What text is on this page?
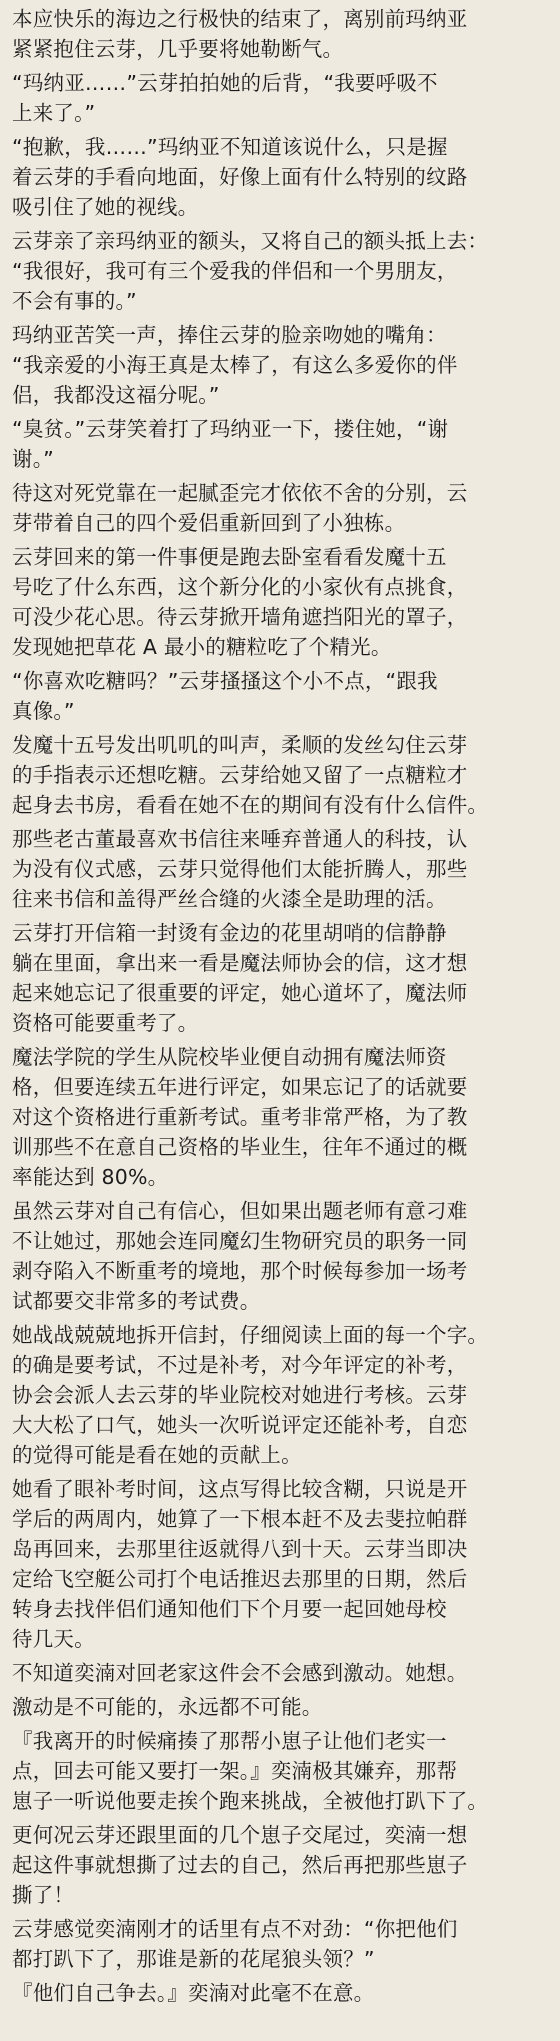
本应快乐的海边之行极快的结束了，离别前玛纳亚
紧紧抱住云芽，几乎要将她勒断气。

“玛纳亚……”云芽拍拍她的后背，“我要呼吸不
上来了。”

“抱歉，我……”玛纳亚不知道该说什么，只是握
着云芽的手看向地面，好像上面有什么特别的纹路
吸引住了她的视线。

云芽亲了亲玛纳亚的额头，又将自己的额头抵上去：
“我很好，我可有三个爱我的伴侣和一个男朋友，
不会有事的。”

玛纳亚苦笑一声，捧住云芽的脸亲吻她的嘴角：
“我亲爱的小海王真是太棒了，有这么多爱你的伴
侣，我都没这福分呢。”

“臭贫。”云芽笑着打了玛纳亚一下，搂住她，“谢
谢。”

待这对死党靠在一起腻歪完才依依不舍的分别，云
芽带着自己的四个爱侣重新回到了小独栋。

云芽回来的第一件事便是跑去卧室看看发魔十五
号吃了什么东西，这个新分化的小家伙有点挑食，
可没少花心思。待云芽掀开墙角遮挡阳光的罩子，
发现她把草花 A 最小的糖粒吃了个精光。

“你喜欢吃糖吗？”云芽搔搔这个小不点，“跟我
真像。”

发魔十五号发出叽叽的叫声，柔顺的发丝勾住云芽
的手指表示还想吃糖。云芽给她又留了一点糖粒才
起身去书房，看看在她不在的期间有没有什么信件。

那些老古董最喜欢书信往来唾弃普通人的科技，认
为没有仪式感，云芽只觉得他们太能折腾人，那些
往来书信和盖得严丝合缝的火漆全是助理的活。

云芽打开信箱一封烫有金边的花里胡哨的信静静
躺在里面，拿出来一看是魔法师协会的信，这才想
起来她忘记了很重要的评定，她心道坏了，魔法师
资格可能要重考了。

魔法学院的学生从院校毕业便自动拥有魔法师资
格，但要连续五年进行评定，如果忘记了的话就要
对这个资格进行重新考试。重考非常严格，为了教
训那些不在意自己资格的毕业生，往年不通过的概
率能达到 80%。

虽然云芽对自己有信心，但如果出题老师有意刁难
不让她过，那她会连同魔幻生物研究员的职务一同
剥夺陷入不断重考的境地，那个时候每参加一场考
试都要交非常多的考试费。

她战战兢兢地拆开信封，仔细阅读上面的每一个字。
的确是要考试，不过是补考，对今年评定的补考，
协会会派人去云芽的毕业院校对她进行考核。云芽
大大松了口气，她头一次听说评定还能补考，自恋
的觉得可能是看在她的贡献上。

她看了眼补考时间，这点写得比较含糊，只说是开
学后的两周内，她算了一下根本赶不及去斐拉帕群
岛再回来，去那里往返就得八到十天。云芽当即决
定给飞空艇公司打个电话推迟去那里的日期，然后
转身去找伴侣们通知他们下个月要一起回她母校
待几天。

不知道奕湳对回老家这件会不会感到激动。她想。

激动是不可能的，永远都不可能。

『我离开的时候痛揍了那帮小崽子让他们老实一
点，回去可能又要打一架。』奕湳极其嫌弃，那帮
崽子一听说他要走挨个跑来挑战，全被他打趴下了。

更何况云芽还跟里面的几个崽子交尾过，奕湳一想
起这件事就想撕了过去的自己，然后再把那些崽子
撕了！

云芽感觉奕湳刚才的话里有点不对劲：“你把他们
都打趴下了，那谁是新的花尾狼头领？”

『他们自己争去。』奕湳对此毫不在意。
